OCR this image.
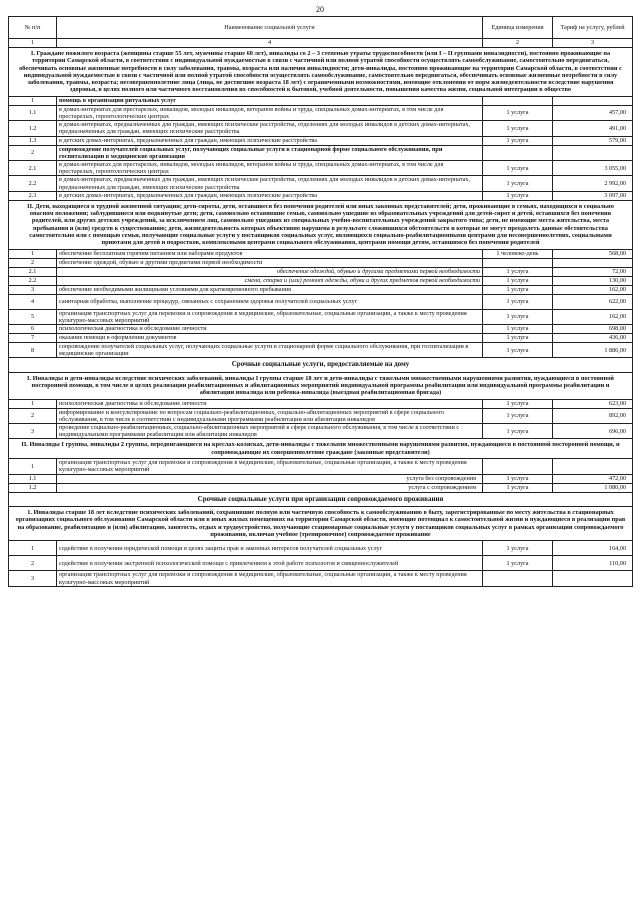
20
№ п/п	Наименование социальной услуги	Единица измерения	Тариф на услугу, рублей
1	4	2	3
I. Граждане пожилого возраста (женщины старше 55 лет, мужчины старше 60 лет), инвалиды со 2 – 3 степенью утраты трудоспособности (или I – II группами инвалидности), постоянно проживающие на территории Самарской области, в соответствии с индивидуальной нуждаемостью в связи с частичной или полной утратой способности осуществлять самообслуживание, самостоятельно передвигаться, обеспечивать основные жизненные потребности в силу заболевания, травмы, возраста или наличия инвалидности; дети-инвалиды, постоянно проживающие на территории Самарской области, в соответствии с индивидуальной нуждаемостью в связи с частичной или полной утратой способности осуществлять самообслуживание, самостоятельно передвигаться, обеспечивать основные жизненные потребности в силу заболевания, травмы, возраста; несовершеннолетние лица (лица, не достигшие возраста 18 лет) с ограниченными возможностями, имеющие отклонения от норм жизнедеятельности вследствие нарушения здоровья, в целях полного или частичного восстановления их способностей к бытовой, учебной деятельности, повышения качества жизни, социальной интеграции в общество			
1	помощь в организации ритуальных услуг		
1.1	в домах-интернатах для престарелых, инвалидов, молодых инвалидов, ветеранов войны и труда, специальных домах-интернатах, в том числе для престарелых, геронтологических центрах	1 услуга	457,00
1.2	в домах-интернатах, предназначенных для граждан, имеющих психические расстройства, отделениях для молодых инвалидов в детских домах-интернатах, предназначенных для граждан, имеющих психические расстройства	1 услуга	491,00
1.3	в детских домах-интернатах, предназначенных для граждан, имеющих психические расстройства	1 услуга	579,00
2	сопровождение получателей социальных услуг, получающих социальные услуги в стационарной форме социального обслуживания, при госпитализации в медицинские организации		
2.1	в домах-интернатах для престарелых, инвалидов, молодых инвалидов, ветеранов войны и труда, специальных домах-интернатах, в том числе для престарелых, геронтологических центрах	1 услуга	3 055,00
2.2	в домах-интернатах, предназначенных для граждан, имеющих психические расстройства, отделениях для молодых инвалидов в детских домах-интернатах, предназначенных для граждан, имеющих психические расстройства	1 услуга	2 992,00
2.3	в детских домах-интернатах, предназначенных для граждан, имеющих психические расстройства	1 услуга	3 097,00
II. Дети, находящиеся в трудной жизненной ситуации; дети-сироты, дети, оставшиеся без попечения родителей или иных законных представителей; дети, проживающие в семьях, находящихся в социально опасном положении; заблудившиеся или подкинутые дети; дети, самовольно оставившие семью, самовольно ушедшие из образовательных учреждений для детей-сирот и детей, оставшихся без попечения родителей, или других детских учреждений, за исключением лиц, самовольно ушедших из специальных учебно-воспитательных учреждений закрытого типа; дети, не имеющие места жительства, места пребывания и (или) средств к существованию; дети, жизнедеятельность которых объективно нарушена в результате сложившихся обстоятельств и которые не могут преодолеть данные обстоятельства самостоятельно или с помощью семьи, получающие социальные услуги у поставщиков социальных услуг, являющихся социально-реабилитационными центрами для несовершеннолетних, социальными приютами для детей и подростков, комплексными центрами социального обслуживания, центрами помощи детям, оставшимся без попечения родителей			
1	обеспечение бесплатным горячим питанием или наборами продуктов	1 человеко-день	568,00
2	обеспечение одеждой, обувью и другими предметами первой необходимости		
2.1	обеспечение одеждой, обувью и другими предметами первой необходимости	1 услуга	72,00
2.2	смена, стирка и (или) ремонт одежды, обуви и других предметов первой необходимости	1 услуга	130,00
3	обеспечение необходимыми жилищными условиями для кратковременного пребывания	1 услуга	162,00
4	санитарная обработка, выполнение процедур, связанных с сохранением здоровья получателей социальных услуг	1 услуга	622,00
5	организация транспортных услуг для перевозки и сопровождения в медицинские, образовательные, социальные организации, а также к месту проведения культурно-массовых мероприятий	1 услуга	162,00
6	психологическая диагностика и обследование личности	1 услуга	698,00
7	оказание помощи в оформлении документов	1 услуга	436,00
8	сопровождение получателей социальных услуг, получающих социальные услуги в стационарной форме социального обслуживания, при госпитализации в медицинские организации	1 услуга	1 886,00
Срочные социальные услуги, предоставляемые на дому			
I. Инвалиды и дети-инвалиды вследствие психических заболеваний, инвалиды I группы старше 18 лет и дети-инвалиды с тяжелыми множественными нарушениями развития, нуждающиеся в постоянной посторонней помощи, в том числе в целях реализации реабилитационных и абилитационных мероприятий индивидуальной программы реабилитации или индивидуальной программы реабилитации и абилитации инвалида или ребенка-инвалида (выездная реабилитационная бригада)			
1	психологическая диагностика и обследование личности	1 услуга	623,00
2	информирование и консультирование по вопросам социально-реабилитационных, социально-абилитационных мероприятий в сфере социального обслуживания, в том числе в соответствии с индивидуальными программами реабилитации или абилитации инвалидов	1 услуга	892,00
3	проведение социально-реабилитационных, социально-абилитационных мероприятий в сфере социального обслуживания, в том числе в соответствии с индивидуальными программами реабилитации или абилитации инвалидов	1 услуга	696,00
II. Инвалиды I группы, инвалиды 2 группы, передвигающиеся на креслах-колясках, дети-инвалиды с тяжелыми множественными нарушениями развития, нуждающиеся в постоянной посторонней помощи, и сопровождающие их совершеннолетние граждане (законные представители)			
1	организация транспортных услуг для перевозки и сопровождения в медицинские, образовательные, социальные организации, а также к месту проведения культурно-массовых мероприятий		
1.1	услуга без сопровождения	1 услуга	472,00
1.2	услуга с сопровождением	1 услуга	1 080,00
Срочные социальные услуги при организации сопровождаемого проживания			
1. Инвалиды старше 18 лет вследствие психических заболеваний, сохранившие полную или частичную способность к самообслуживанию в быту, зарегистрированные по месту жительства в стационарных организациях социального обслуживания Самарской области или в иных жилых помещениях на территории Самарской области, имеющие потенциал к самостоятельной жизни и нуждающиеся в реализации прав на образование, реабилитацию и (или) абилитацию, занятость, отдых и трудоустройство, получающие стационарные социальные услуги у поставщиков социальных услуг в рамках организации сопровождаемого проживания, включая учебное (тренировочное) сопровождаемое проживание			
1	содействие в получении юридической помощи в целях защиты прав и законных интересов получателей социальных услуг	1 услуга	164,00
2	содействие в получении экстренной психологической помощи с привлечением к этой работе психологов и священнослужителей	1 услуга	110,00
3	организация транспортных услуг для перевозки и сопровождения в медицинские, образовательные, социальные организации, а также к месту проведения культурно-массовых мероприятий		
